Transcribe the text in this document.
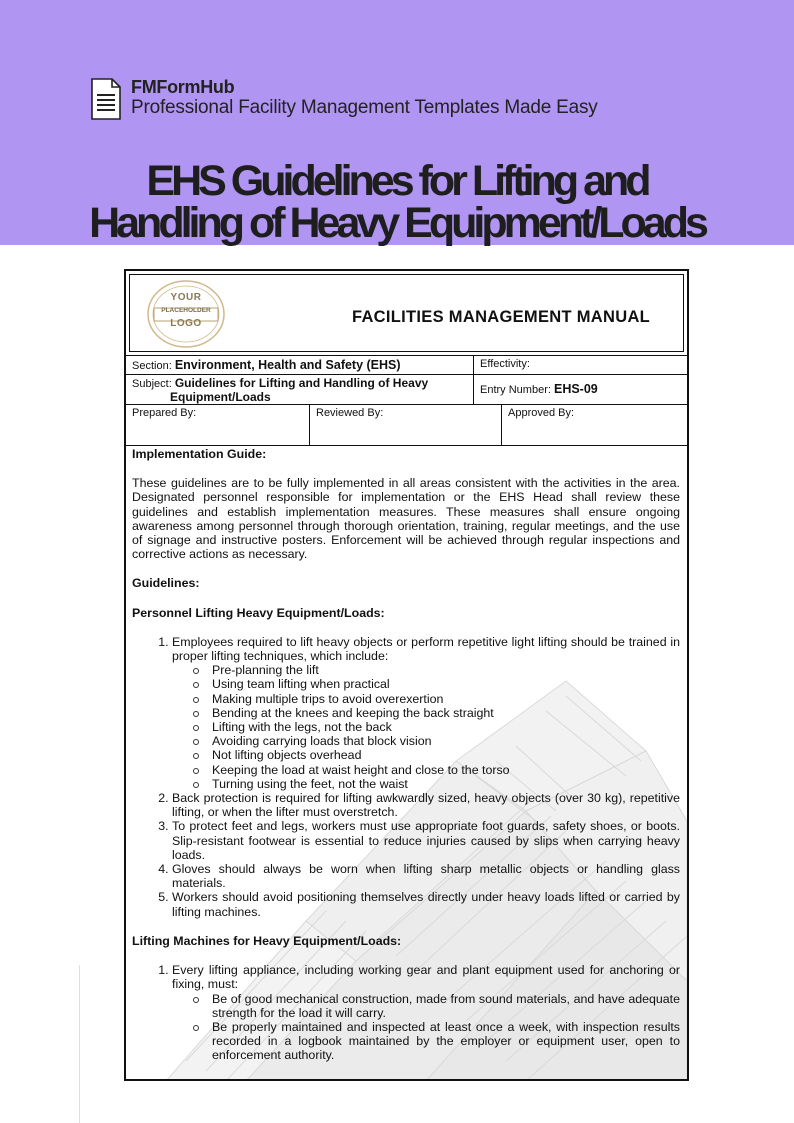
FMFormHub
Professional Facility Management Templates Made Easy
EHS Guidelines for Lifting and
Handling of Heavy Equipment/Loads
YOUR
PLACEHOLDER
LOGO	FACILITIES MANAGEMENT MANUAL
Section: Environment, Health and Safety (EHS)	Effectivity:
Subject: Guidelines for Lifting and Handling of Heavy
Equipment/Loads	Entry Number: EHS-09
Prepared By:	Reviewed By:	Approved By:

Implementation Guide:

These guidelines are to be fully implemented in all areas consistent with the activities in the area. Designated personnel responsible for implementation or the EHS Head shall review these guidelines and establish implementation measures. These measures shall ensure ongoing awareness among personnel through thorough orientation, training, regular meetings, and the use of signage and instructive posters. Enforcement will be achieved through regular inspections and corrective actions as necessary.

Guidelines:

Personnel Lifting Heavy Equipment/Loads:

1. Employees required to lift heavy objects or perform repetitive light lifting should be trained in proper lifting techniques, which include:
Pre-planning the lift
Using team lifting when practical
Making multiple trips to avoid overexertion
Bending at the knees and keeping the back straight
Lifting with the legs, not the back
Avoiding carrying loads that block vision
Not lifting objects overhead
Keeping the load at waist height and close to the torso
Turning using the feet, not the waist
2. Back protection is required for lifting awkwardly sized, heavy objects (over 30 kg), repetitive lifting, or when the lifter must overstretch.
3. To protect feet and legs, workers must use appropriate foot guards, safety shoes, or boots. Slip-resistant footwear is essential to reduce injuries caused by slips when carrying heavy loads.
4. Gloves should always be worn when lifting sharp metallic objects or handling glass materials.
5. Workers should avoid positioning themselves directly under heavy loads lifted or carried by lifting machines.

Lifting Machines for Heavy Equipment/Loads:

1. Every lifting appliance, including working gear and plant equipment used for anchoring or fixing, must:
Be of good mechanical construction, made from sound materials, and have adequate strength for the load it will carry.
Be properly maintained and inspected at least once a week, with inspection results recorded in a logbook maintained by the employer or equipment user, open to enforcement authority.
